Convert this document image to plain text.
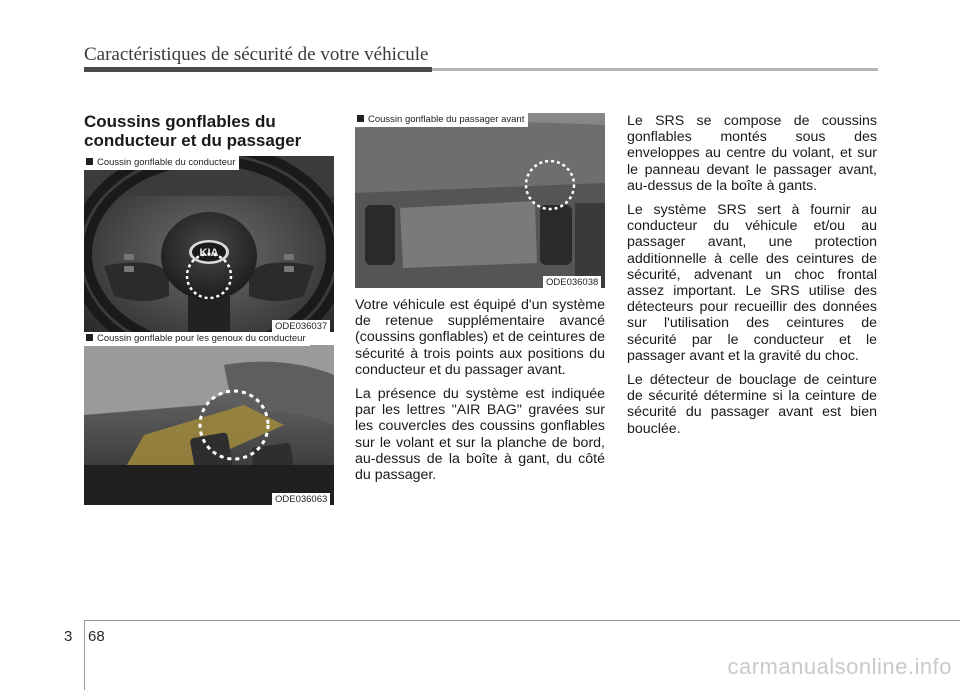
Caractéristiques de sécurité de votre véhicule
Coussins gonflables du conducteur et du passager
Coussin gonflable du conducteur
KIA
ODE036037
Coussin gonflable pour les genoux du conducteur
ODE036063
Coussin gonflable du passager avant
ODE036038

Votre véhicule est équipé d'un système de retenue supplémentaire avancé (coussins gonflables) et de ceintures de sécurité à trois points aux positions du conducteur et du passager avant.

La présence du système est indiquée par les lettres "AIR BAG" gravées sur les couvercles des coussins gonflables sur le volant et sur la planche de bord, au-dessus de la boîte à gant, du côté du passager.

Le SRS se compose de coussins gonflables montés sous des enveloppes au centre du volant, et sur le panneau devant le passager avant, au-dessus de la boîte à gants.

Le système SRS sert à fournir au conducteur du véhicule et/ou au passager avant, une protection additionnelle à celle des ceintures de sécurité, advenant un choc frontal assez important. Le SRS utilise des détecteurs pour recueillir des données sur l'utilisation des ceintures de sécurité par le conducteur et le passager avant et la gravité du choc.

Le détecteur de bouclage de ceinture de sécurité détermine si la ceinture de sécurité du passager avant est bien bouclée.

3 68
carmanualsonline.info
